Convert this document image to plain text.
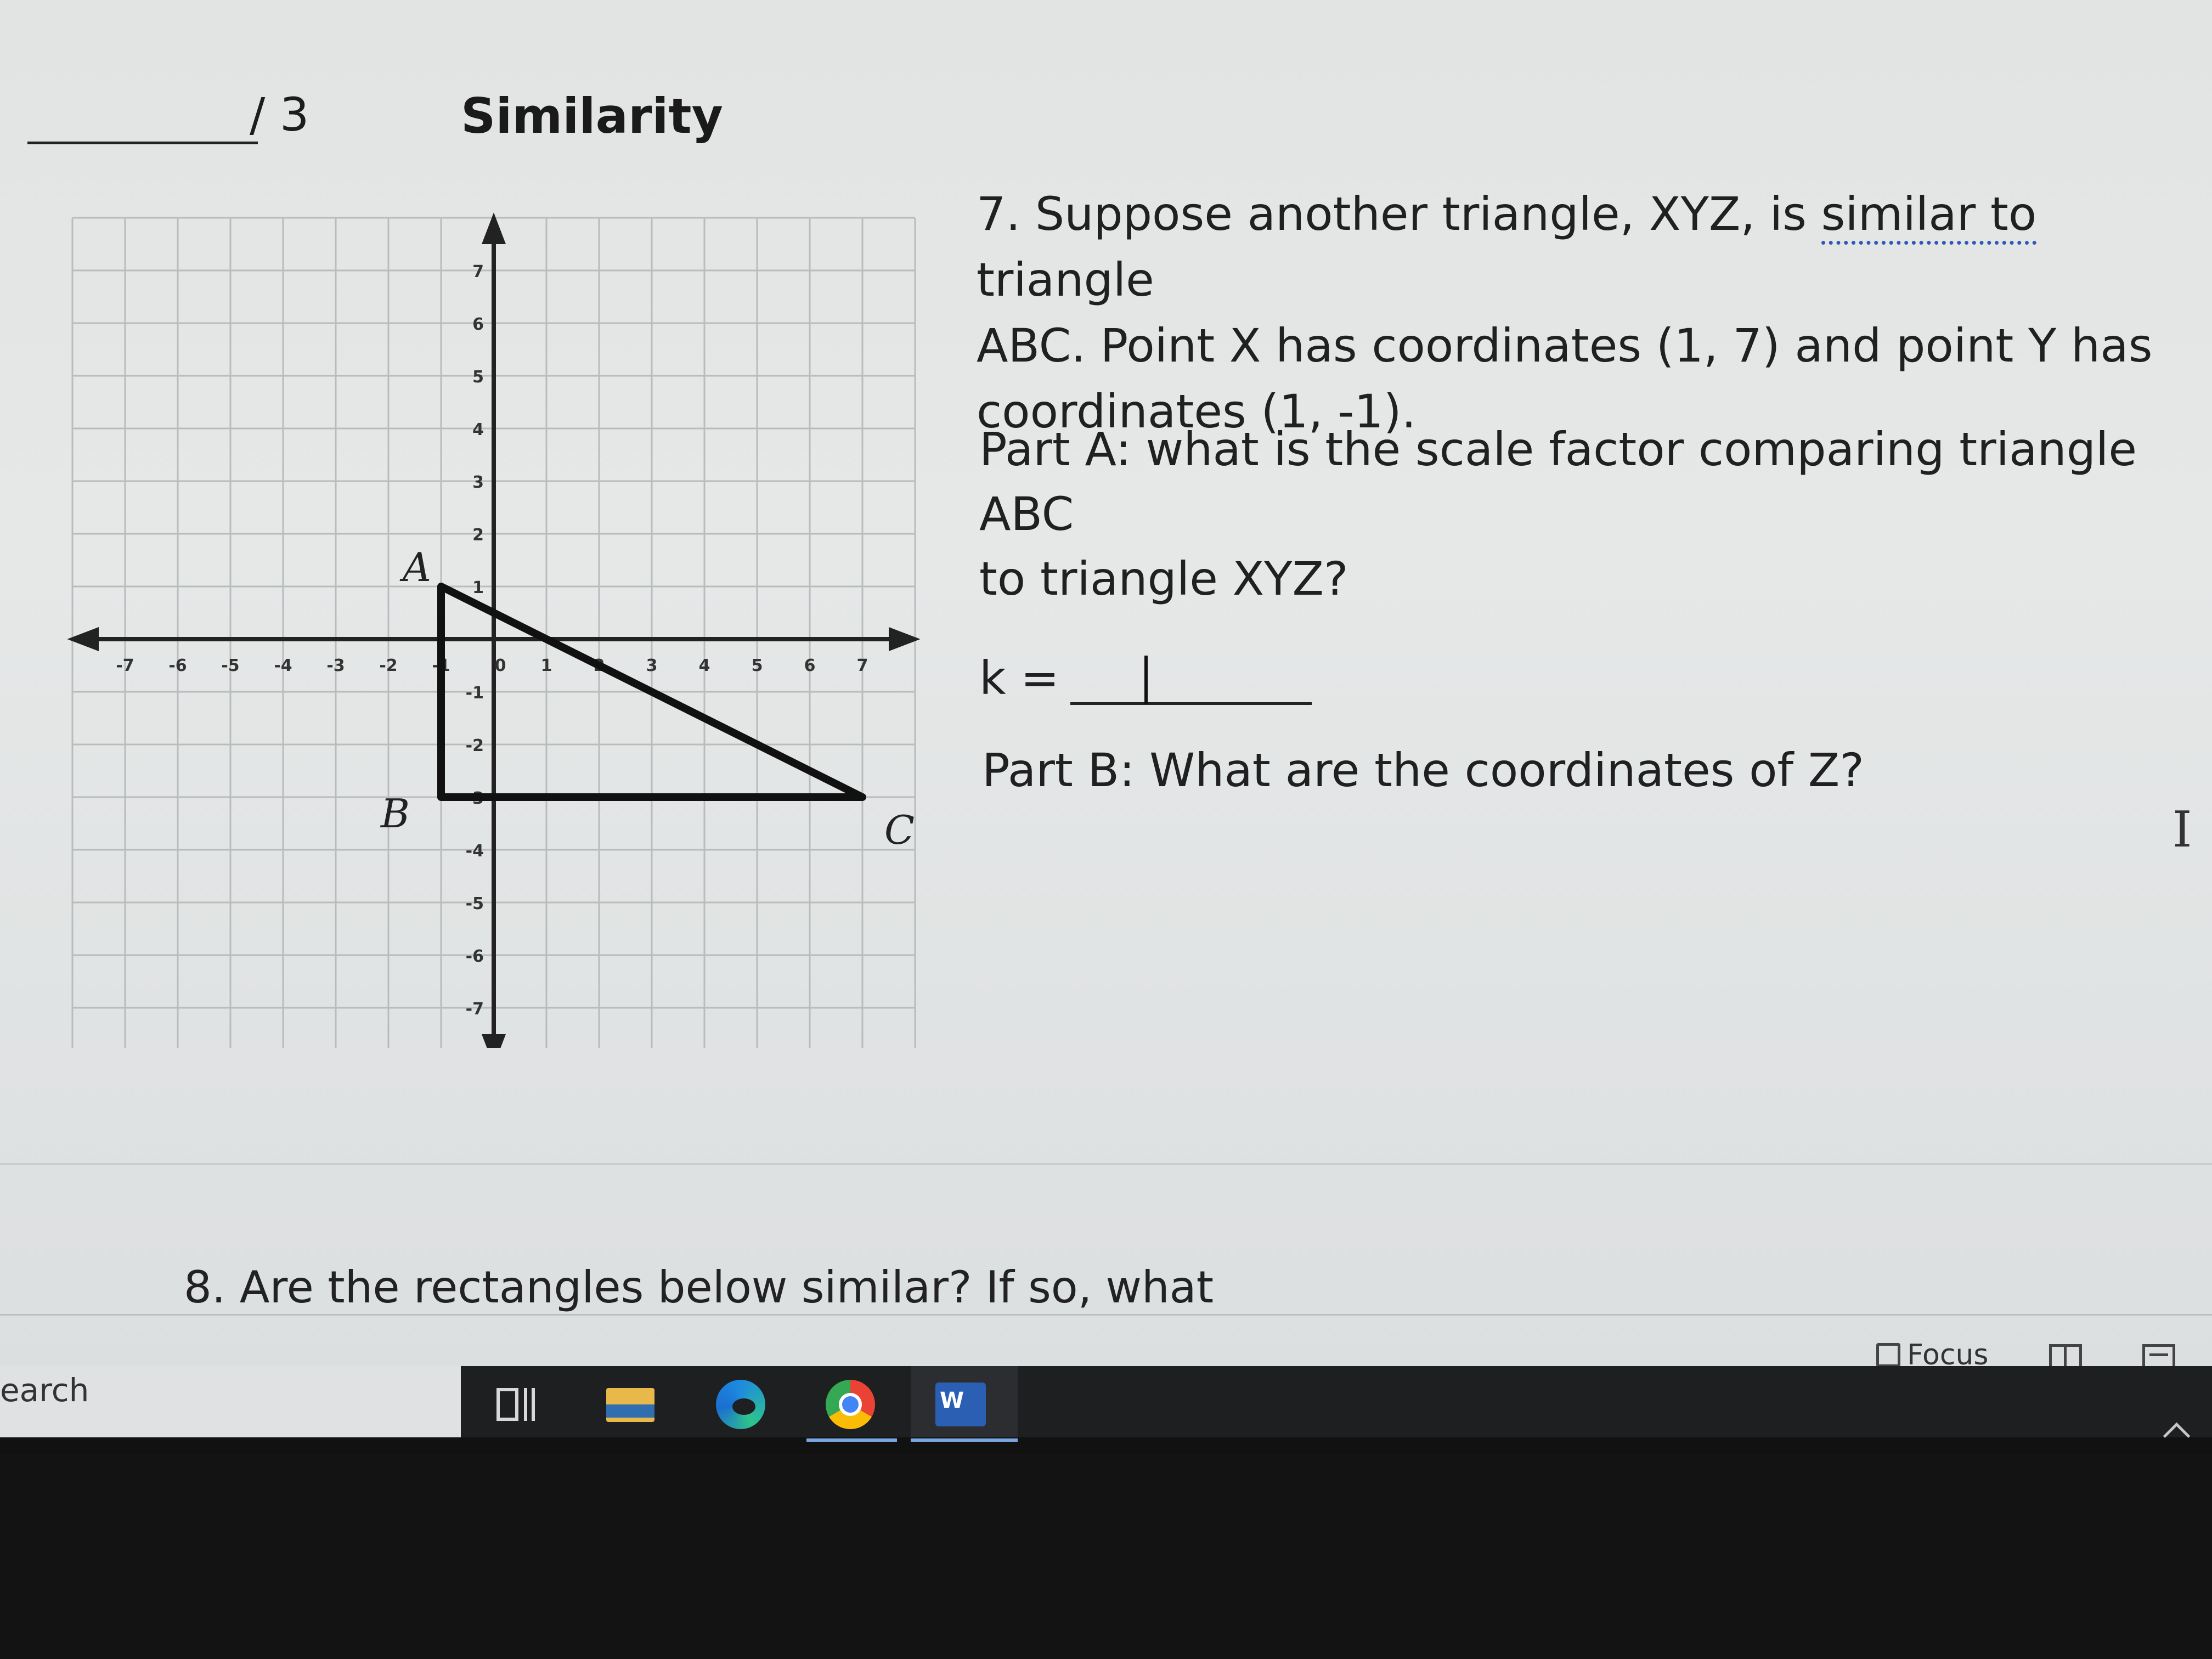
/ 3	Similarity
-7 -6 -5 -4 -3 -2 -1	0 1	2	3	4	5	6	7
7
6
5
4
3
2
1
-1
-2
-3
-4
-5
-6
-7
A
B	C
7. Suppose another triangle, XYZ, is similar to triangle
ABC. Point X has coordinates (1, 7) and point Y has
coordinates (1, -1).
Part A: what is the scale factor comparing triangle ABC
to triangle XYZ?
k =
Part B: What are the coordinates of Z?
I
8. Are the rectangles below similar? If so, what
Focus
earch	W
